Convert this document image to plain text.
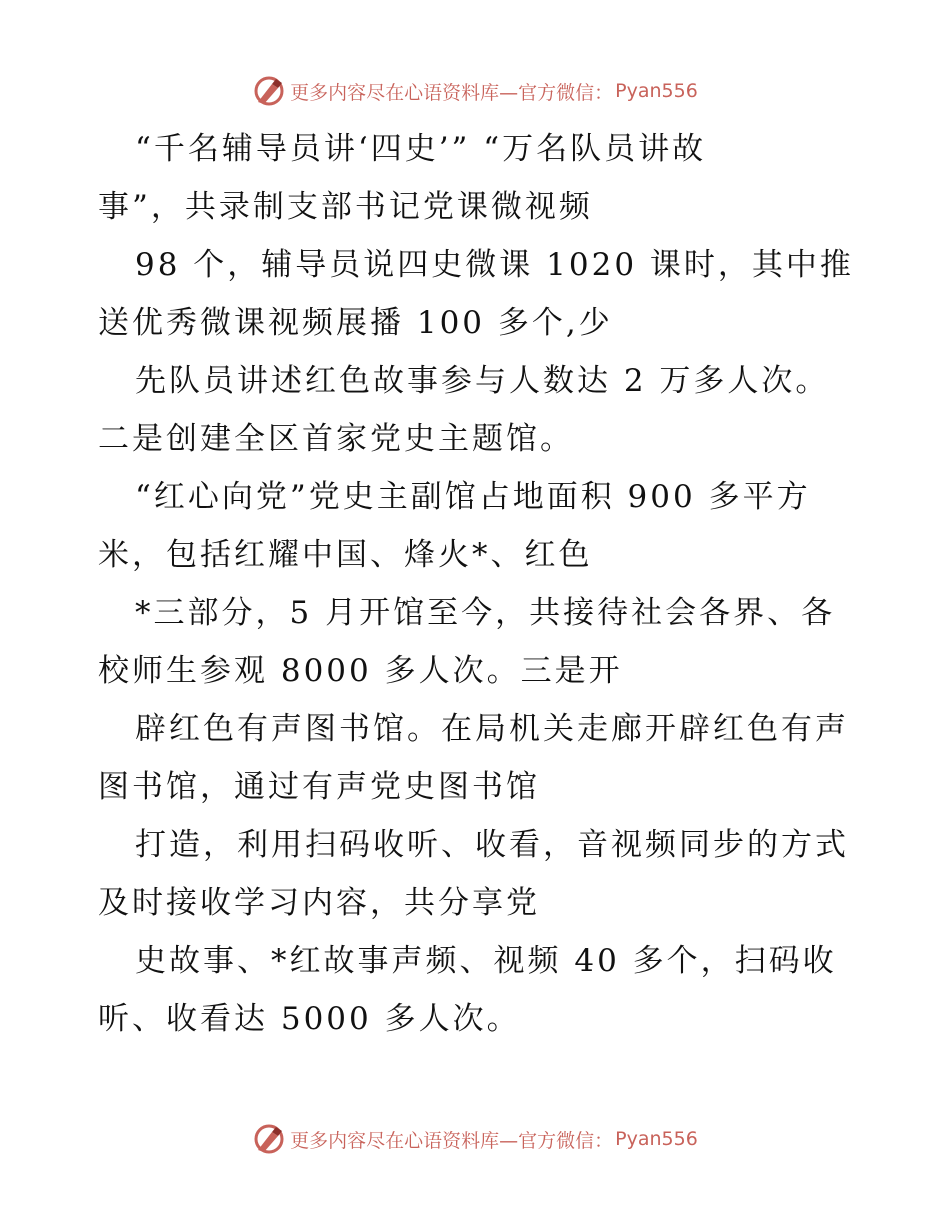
更多内容尽在心语资料库—官方微信： Pyan556
“千名辅导员讲‘四史’” “万名队员讲故
事”，共录制支部书记党课微视频
98 个，辅导员说四史微课 1020 课时，其中推
送优秀微课视频展播 100 多个,少
先队员讲述红色故事参与人数达 2 万多人次。
二是创建全区首家党史主题馆。
“红心向党”党史主副馆占地面积 900 多平方
米，包括红耀中国、烽火*、红色
*三部分，5 月开馆至今，共接待社会各界、各
校师生参观 8000 多人次。三是开
辟红色有声图书馆。在局机关走廊开辟红色有声
图书馆，通过有声党史图书馆
打造，利用扫码收听、收看，音视频同步的方式
及时接收学习内容，共分享党
史故事、*红故事声频、视频 40 多个，扫码收
听、收看达 5000 多人次。
更多内容尽在心语资料库—官方微信： Pyan556
